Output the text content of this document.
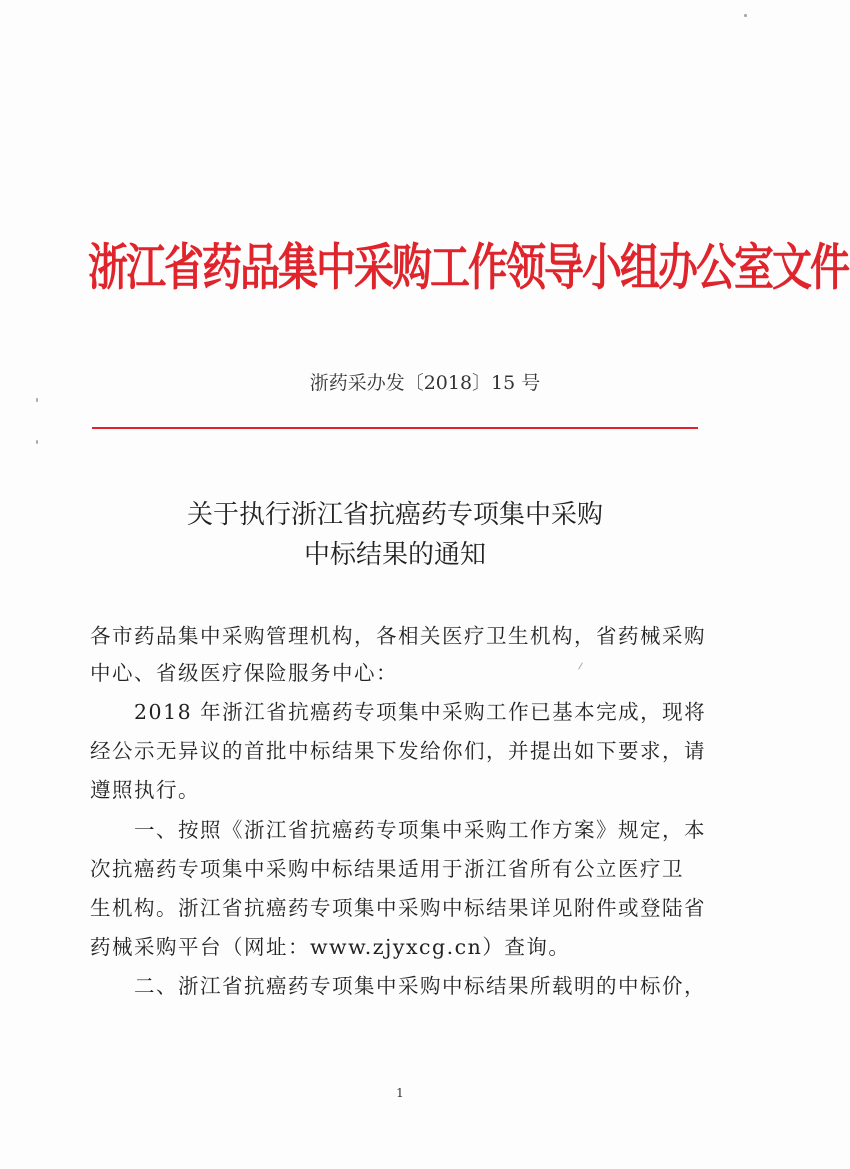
浙江省药品集中采购工作领导小组办公室文件
浙药采办发〔2018〕15 号
关于执行浙江省抗癌药专项集中采购
中标结果的通知
各市药品集中采购管理机构，各相关医疗卫生机构，省药械采购
中心、省级医疗保险服务中心：
2018 年浙江省抗癌药专项集中采购工作已基本完成，现将
经公示无异议的首批中标结果下发给你们，并提出如下要求，请
遵照执行。
一、按照《浙江省抗癌药专项集中采购工作方案》规定，本
次抗癌药专项集中采购中标结果适用于浙江省所有公立医疗卫
生机构。浙江省抗癌药专项集中采购中标结果详见附件或登陆省
药械采购平台（网址：www.zjyxcg.cn）查询。
二、浙江省抗癌药专项集中采购中标结果所载明的中标价，
1
